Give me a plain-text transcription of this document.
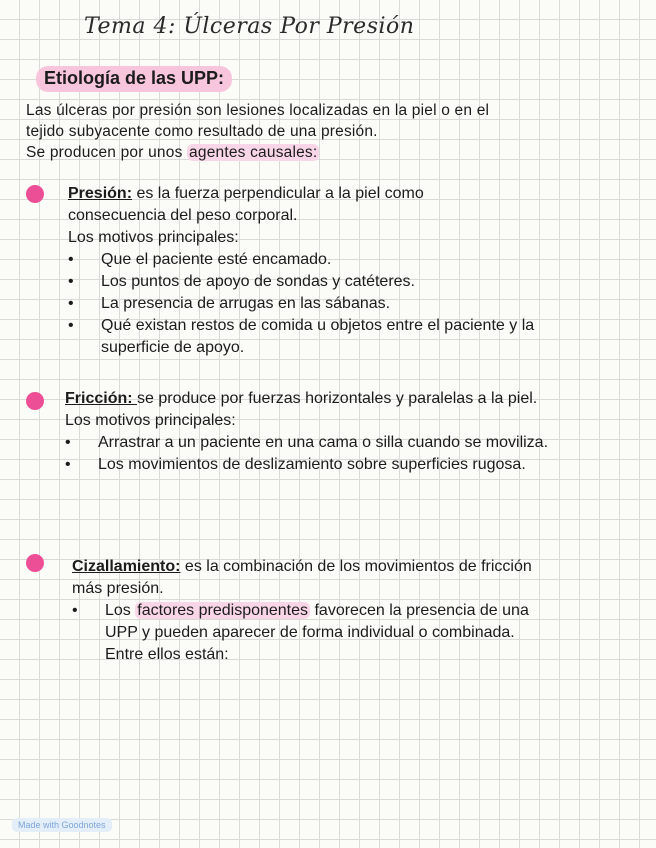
Tema 4: Úlceras Por Presión
Etiología de las UPP:
Las úlceras por presión son lesiones localizadas en la piel o en el
tejido subyacente como resultado de una presión.
Se producen por unos agentes causales:
Presión: es la fuerza perpendicular a la piel como consecuencia del peso corporal.
Los motivos principales:
• Que el paciente esté encamado.
• Los puntos de apoyo de sondas y catéteres.
• La presencia de arrugas en las sábanas.
• Qué existan restos de comida u objetos entre el paciente y la superficie de apoyo.
Fricción: se produce por fuerzas horizontales y paralelas a la piel.
Los motivos principales:
• Arrastrar a un paciente en una cama o silla cuando se moviliza.
• Los movimientos de deslizamiento sobre superficies rugosa.
Cizallamiento: es la combinación de los movimientos de fricción más presión.
• Los factores predisponentes favorecen la presencia de una UPP y pueden aparecer de forma individual o combinada. Entre ellos están:
Made with Goodnotes
